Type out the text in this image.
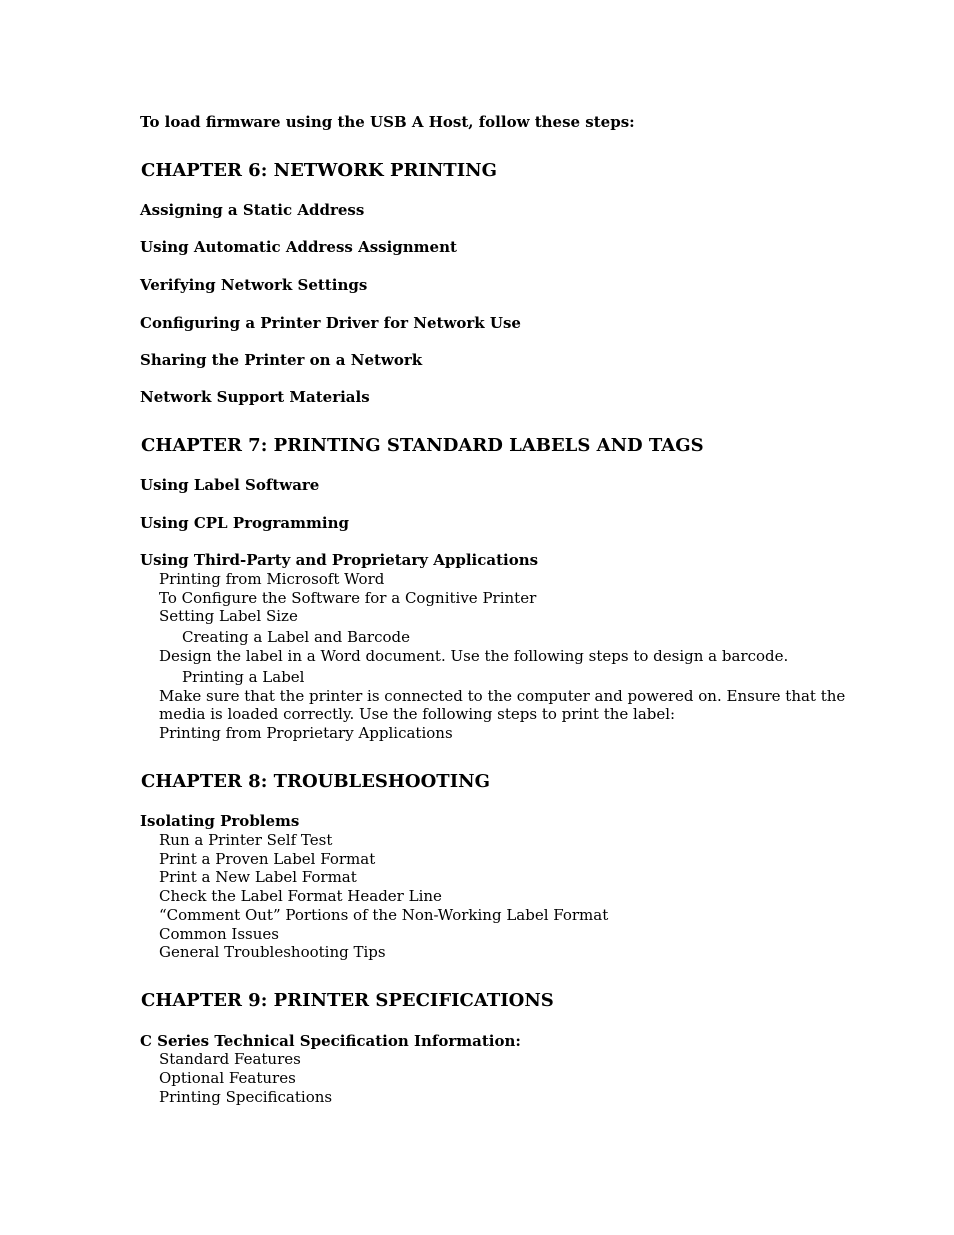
To load firmware using the USB A Host, follow these steps:
CHAPTER 6: NETWORK PRINTING
Assigning a Static Address
Using Automatic Address Assignment
Verifying Network Settings
Configuring a Printer Driver for Network Use
Sharing the Printer on a Network
Network Support Materials
CHAPTER 7: PRINTING STANDARD LABELS AND TAGS
Using Label Software
Using CPL Programming
Using Third-Party and Proprietary Applications
Printing from Microsoft Word
To Configure the Software for a Cognitive Printer
Setting Label Size
Creating a Label and Barcode
Design the label in a Word document. Use the following steps to design a barcode.
Printing a Label
Make sure that the printer is connected to the computer and powered on. Ensure that the
media is loaded correctly. Use the following steps to print the label:
Printing from Proprietary Applications
CHAPTER 8: TROUBLESHOOTING
Isolating Problems
Run a Printer Self Test
Print a Proven Label Format
Print a New Label Format
Check the Label Format Header Line
“Comment Out” Portions of the Non-Working Label Format
Common Issues
General Troubleshooting Tips
CHAPTER 9: PRINTER SPECIFICATIONS
C Series Technical Specification Information:
Standard Features
Optional Features
Printing Specifications
